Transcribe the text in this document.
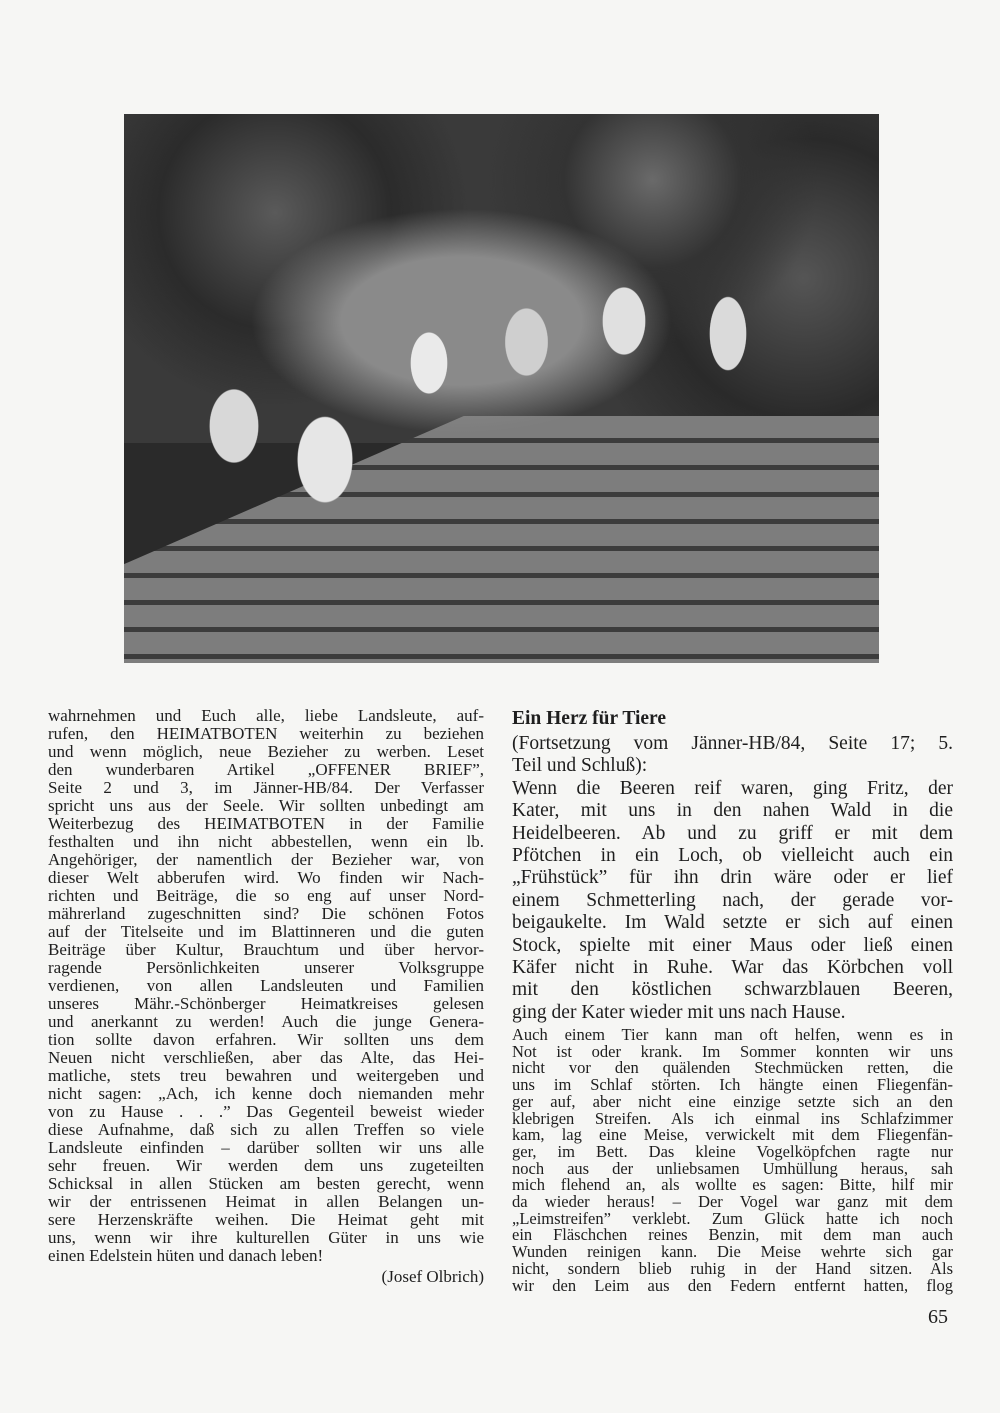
wahrnehmen und Euch alle, liebe Landsleute, auf-
rufen, den HEIMATBOTEN weiterhin zu beziehen
und wenn möglich, neue Bezieher zu werben. Leset
den wunderbaren Artikel „OFFENER BRIEF”,
Seite 2 und 3, im Jänner-HB/84. Der Verfasser
spricht uns aus der Seele. Wir sollten unbedingt am
Weiterbezug des HEIMATBOTEN in der Familie
festhalten und ihn nicht abbestellen, wenn ein lb.
Angehöriger, der namentlich der Bezieher war, von
dieser Welt abberufen wird. Wo finden wir Nach-
richten und Beiträge, die so eng auf unser Nord-
mährerland zugeschnitten sind? Die schönen Fotos
auf der Titelseite und im Blattinneren und die guten
Beiträge über Kultur, Brauchtum und über hervor-
ragende Persönlichkeiten unserer Volksgruppe
verdienen, von allen Landsleuten und Familien
unseres Mähr.-Schönberger Heimatkreises gelesen
und anerkannt zu werden! Auch die junge Genera-
tion sollte davon erfahren. Wir sollten uns dem
Neuen nicht verschließen, aber das Alte, das Hei-
matliche, stets treu bewahren und weitergeben und
nicht sagen: „Ach, ich kenne doch niemanden mehr
von zu Hause . . .” Das Gegenteil beweist wieder
diese Aufnahme, daß sich zu allen Treffen so viele
Landsleute einfinden – darüber sollten wir uns alle
sehr freuen. Wir werden dem uns zugeteilten
Schicksal in allen Stücken am besten gerecht, wenn
wir der entrissenen Heimat in allen Belangen un-
sere Herzenskräfte weihen. Die Heimat geht mit
uns, wenn wir ihre kulturellen Güter in uns wie
einen Edelstein hüten und danach leben!
(Josef Olbrich)
Ein Herz für Tiere
(Fortsetzung vom Jänner-HB/84, Seite 17; 5.
Teil und Schluß):
Wenn die Beeren reif waren, ging Fritz, der
Kater, mit uns in den nahen Wald in die
Heidelbeeren. Ab und zu griff er mit dem
Pfötchen in ein Loch, ob vielleicht auch ein
„Frühstück” für ihn drin wäre oder er lief
einem Schmetterling nach, der gerade vor-
beigaukelte. Im Wald setzte er sich auf einen
Stock, spielte mit einer Maus oder ließ einen
Käfer nicht in Ruhe. War das Körbchen voll
mit den köstlichen schwarzblauen Beeren,
ging der Kater wieder mit uns nach Hause.
Auch einem Tier kann man oft helfen, wenn es in
Not ist oder krank. Im Sommer konnten wir uns
nicht vor den quälenden Stechmücken retten, die
uns im Schlaf störten. Ich hängte einen Fliegenfän-
ger auf, aber nicht eine einzige setzte sich an den
klebrigen Streifen. Als ich einmal ins Schlafzimmer
kam, lag eine Meise, verwickelt mit dem Fliegenfän-
ger, im Bett. Das kleine Vogelköpfchen ragte nur
noch aus der unliebsamen Umhüllung heraus, sah
mich flehend an, als wollte es sagen: Bitte, hilf mir
da wieder heraus! – Der Vogel war ganz mit dem
„Leimstreifen” verklebt. Zum Glück hatte ich noch
ein Fläschchen reines Benzin, mit dem man auch
Wunden reinigen kann. Die Meise wehrte sich gar
nicht, sondern blieb ruhig in der Hand sitzen. Als
wir den Leim aus den Federn entfernt hatten, flog
65
